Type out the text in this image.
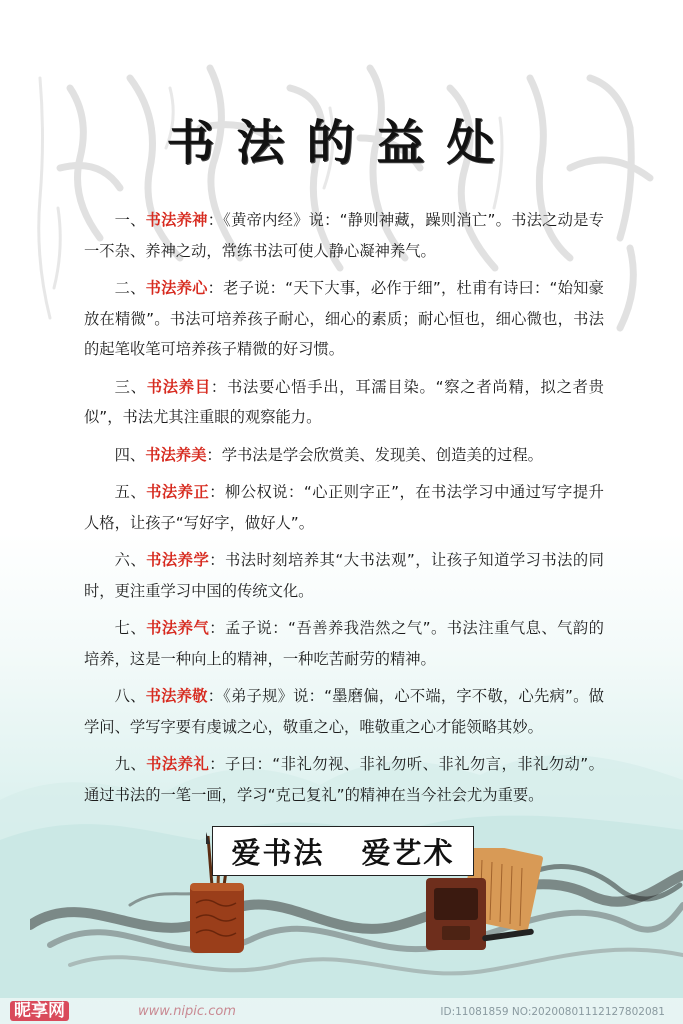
书法的益处

一、书法养神：《黄帝内经》说：“静则神藏，躁则消亡”。书法之动是专一不杂、养神之动，常练书法可使人静心凝神养气。

二、书法养心：老子说：“天下大事，必作于细”，杜甫有诗曰：“始知豪放在精微”。书法可培养孩子耐心，细心的素质；耐心恒也，细心微也，书法的起笔收笔可培养孩子精微的好习惯。

三、书法养目：书法要心悟手出，耳濡目染。“察之者尚精，拟之者贵似”，书法尤其注重眼的观察能力。

四、书法养美：学书法是学会欣赏美、发现美、创造美的过程。

五、书法养正：柳公权说：“心正则字正”，在书法学习中通过写字提升人格，让孩子“写好字，做好人”。

六、书法养学：书法时刻培养其“大书法观”，让孩子知道学习书法的同时，更注重学习中国的传统文化。

七、书法养气：孟子说：“吾善养我浩然之气”。书法注重气息、气韵的培养，这是一种向上的精神，一种吃苦耐劳的精神。

八、书法养敬：《弟子规》说：“墨磨偏，心不端，字不敬，心先病”。做学问、学写字要有虔诚之心，敬重之心，唯敬重之心才能领略其妙。

九、书法养礼：子曰：“非礼勿视、非礼勿听、非礼勿言，非礼勿动”。通过书法的一笔一画，学习“克己复礼”的精神在当今社会尤为重要。

爱书法 爱艺术
昵享网	www.nipic.com	ID:11081859 NO:20200801112127802081
